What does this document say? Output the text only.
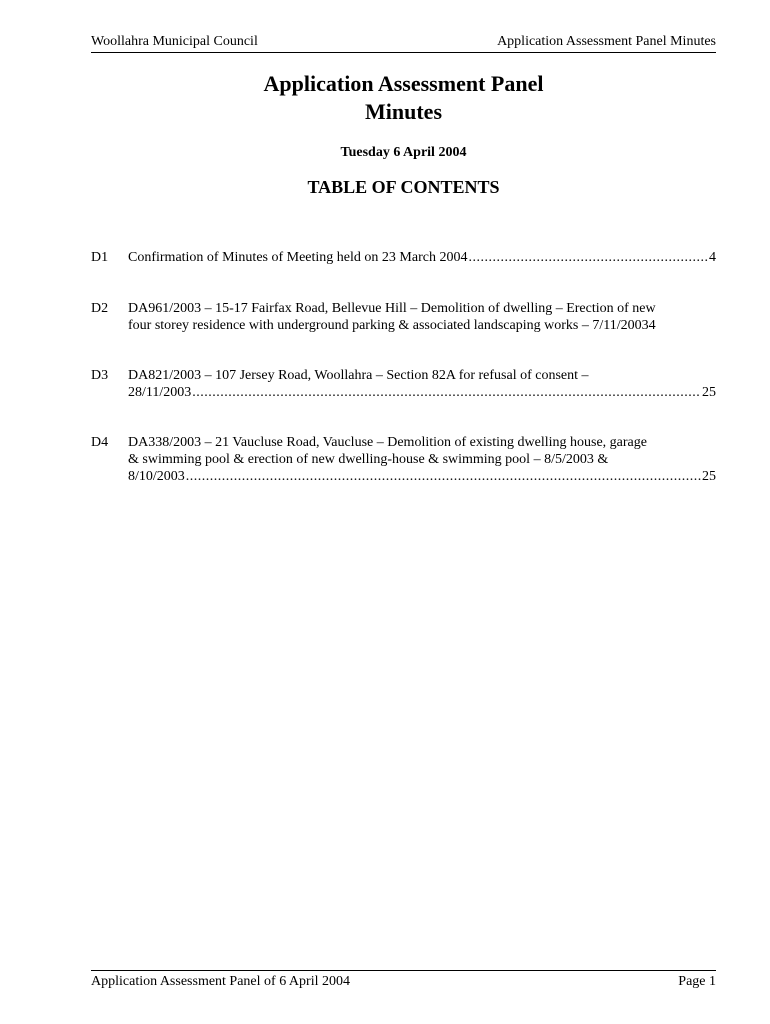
Woollahra Municipal Council	Application Assessment Panel Minutes
Application Assessment Panel
Minutes
Tuesday 6 April 2004
TABLE OF CONTENTS
D1	Confirmation of Minutes of Meeting held on 23 March 2004 .....	4
D2	DA961/2003 – 15-17 Fairfax Road, Bellevue Hill – Demolition of dwelling – Erection of new
four storey residence with underground parking & associated landscaping works – 7/11/2003 4
D3	DA821/2003 – 107 Jersey Road, Woollahra – Section 82A for refusal of consent –
28/11/2003 .....	25
D4	DA338/2003 – 21 Vaucluse Road, Vaucluse – Demolition of existing dwelling house, garage
& swimming pool & erection of new dwelling-house & swimming pool – 8/5/2003 &
8/10/2003 .....	25
Application Assessment Panel of 6 April 2004	Page 1
